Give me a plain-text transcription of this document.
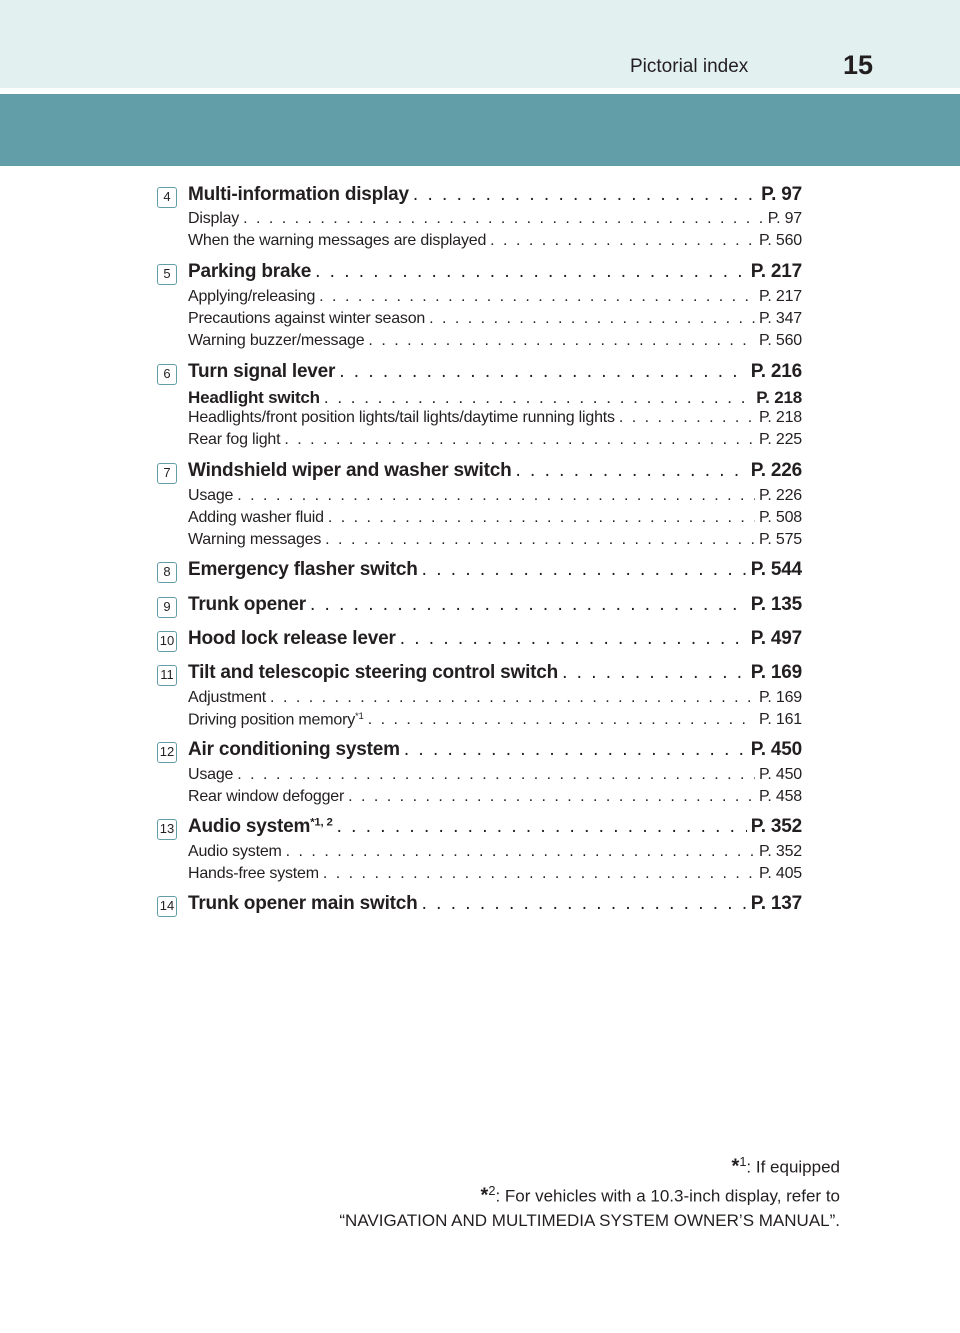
Pictorial index	15
4 Multi-information display . . .	P. 97
Display . . .	P. 97
When the warning messages are displayed . . .	P. 560
5 Parking brake . . .	P. 217
Applying/releasing . . .	P. 217
Precautions against winter season . . .	P. 347
Warning buzzer/message . . .	P. 560
6 Turn signal lever . . .	P. 216
Headlight switch . . .	P. 218
Headlights/front position lights/tail lights/daytime running lights . . .	P. 218
Rear fog light . . .	P. 225
7 Windshield wiper and washer switch . . .	P. 226
Usage . . .	P. 226
Adding washer fluid . . .	P. 508
Warning messages . . .	P. 575
8 Emergency flasher switch . . .	P. 544
9 Trunk opener . . .	P. 135
10 Hood lock release lever . . .	P. 497
11 Tilt and telescopic steering control switch . . .	P. 169
Adjustment . . .	P. 169
Driving position memory$^{*1}$ . . .	P. 161
12 Air conditioning system . . .	P. 450
Usage . . .	P. 450
Rear window defogger . . .	P. 458
13 Audio system$^{*1, 2}$ . . .	P. 352
Audio system . . .	P. 352
Hands-free system . . .	P. 405
14 Trunk opener main switch . . .	P. 137
*$^1$: If equipped
*$^2$: For vehicles with a 10.3-inch display, refer to
“NAVIGATION AND MULTIMEDIA SYSTEM OWNER’S MANUAL”.
